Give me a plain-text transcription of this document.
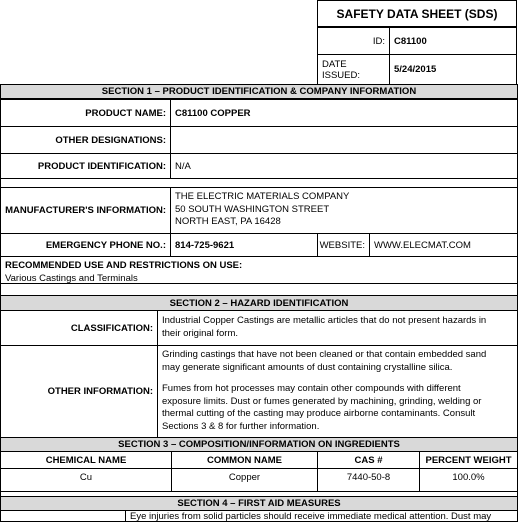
SAFETY DATA SHEET (SDS)
ID: C81100
DATE ISSUED:	5/24/2015
SECTION 1 – PRODUCT IDENTIFICATION & COMPANY INFORMATION
PRODUCT NAME: C81100 COPPER
OTHER DESIGNATIONS:
PRODUCT IDENTIFICATION: N/A
MANUFACTURER'S INFORMATION:
THE ELECTRIC MATERIALS COMPANY
50 SOUTH WASHINGTON STREET
NORTH EAST, PA 16428
EMERGENCY PHONE NO.: 814-725-9621	WEBSITE: WWW.ELECMAT.COM
RECOMMENDED USE AND RESTRICTIONS ON USE:
Various Castings and Terminals
SECTION 2 – HAZARD IDENTIFICATION
CLASSIFICATION:
Industrial Copper Castings are metallic articles that do not present hazards in
their original form.
OTHER INFORMATION:
Grinding castings that have not been cleaned or that contain embedded sand
may generate significant amounts of dust containing crystalline silica.
Fumes from hot processes may contain other compounds with different
exposure limits. Dust or fumes generated by machining, grinding, welding or
thermal cutting of the casting may produce airborne contaminants. Consult
Sections 3 & 8 for further information.
SECTION 3 – COMPOSITION/INFORMATION ON INGREDIENTS
CHEMICAL NAME	COMMON NAME	CAS #	PERCENT WEIGHT
Cu	Copper	7440-50-8	100.0%
SECTION 4 – FIRST AID MEASURES
Eye injuries from solid particles should receive immediate medical attention. Dust may
